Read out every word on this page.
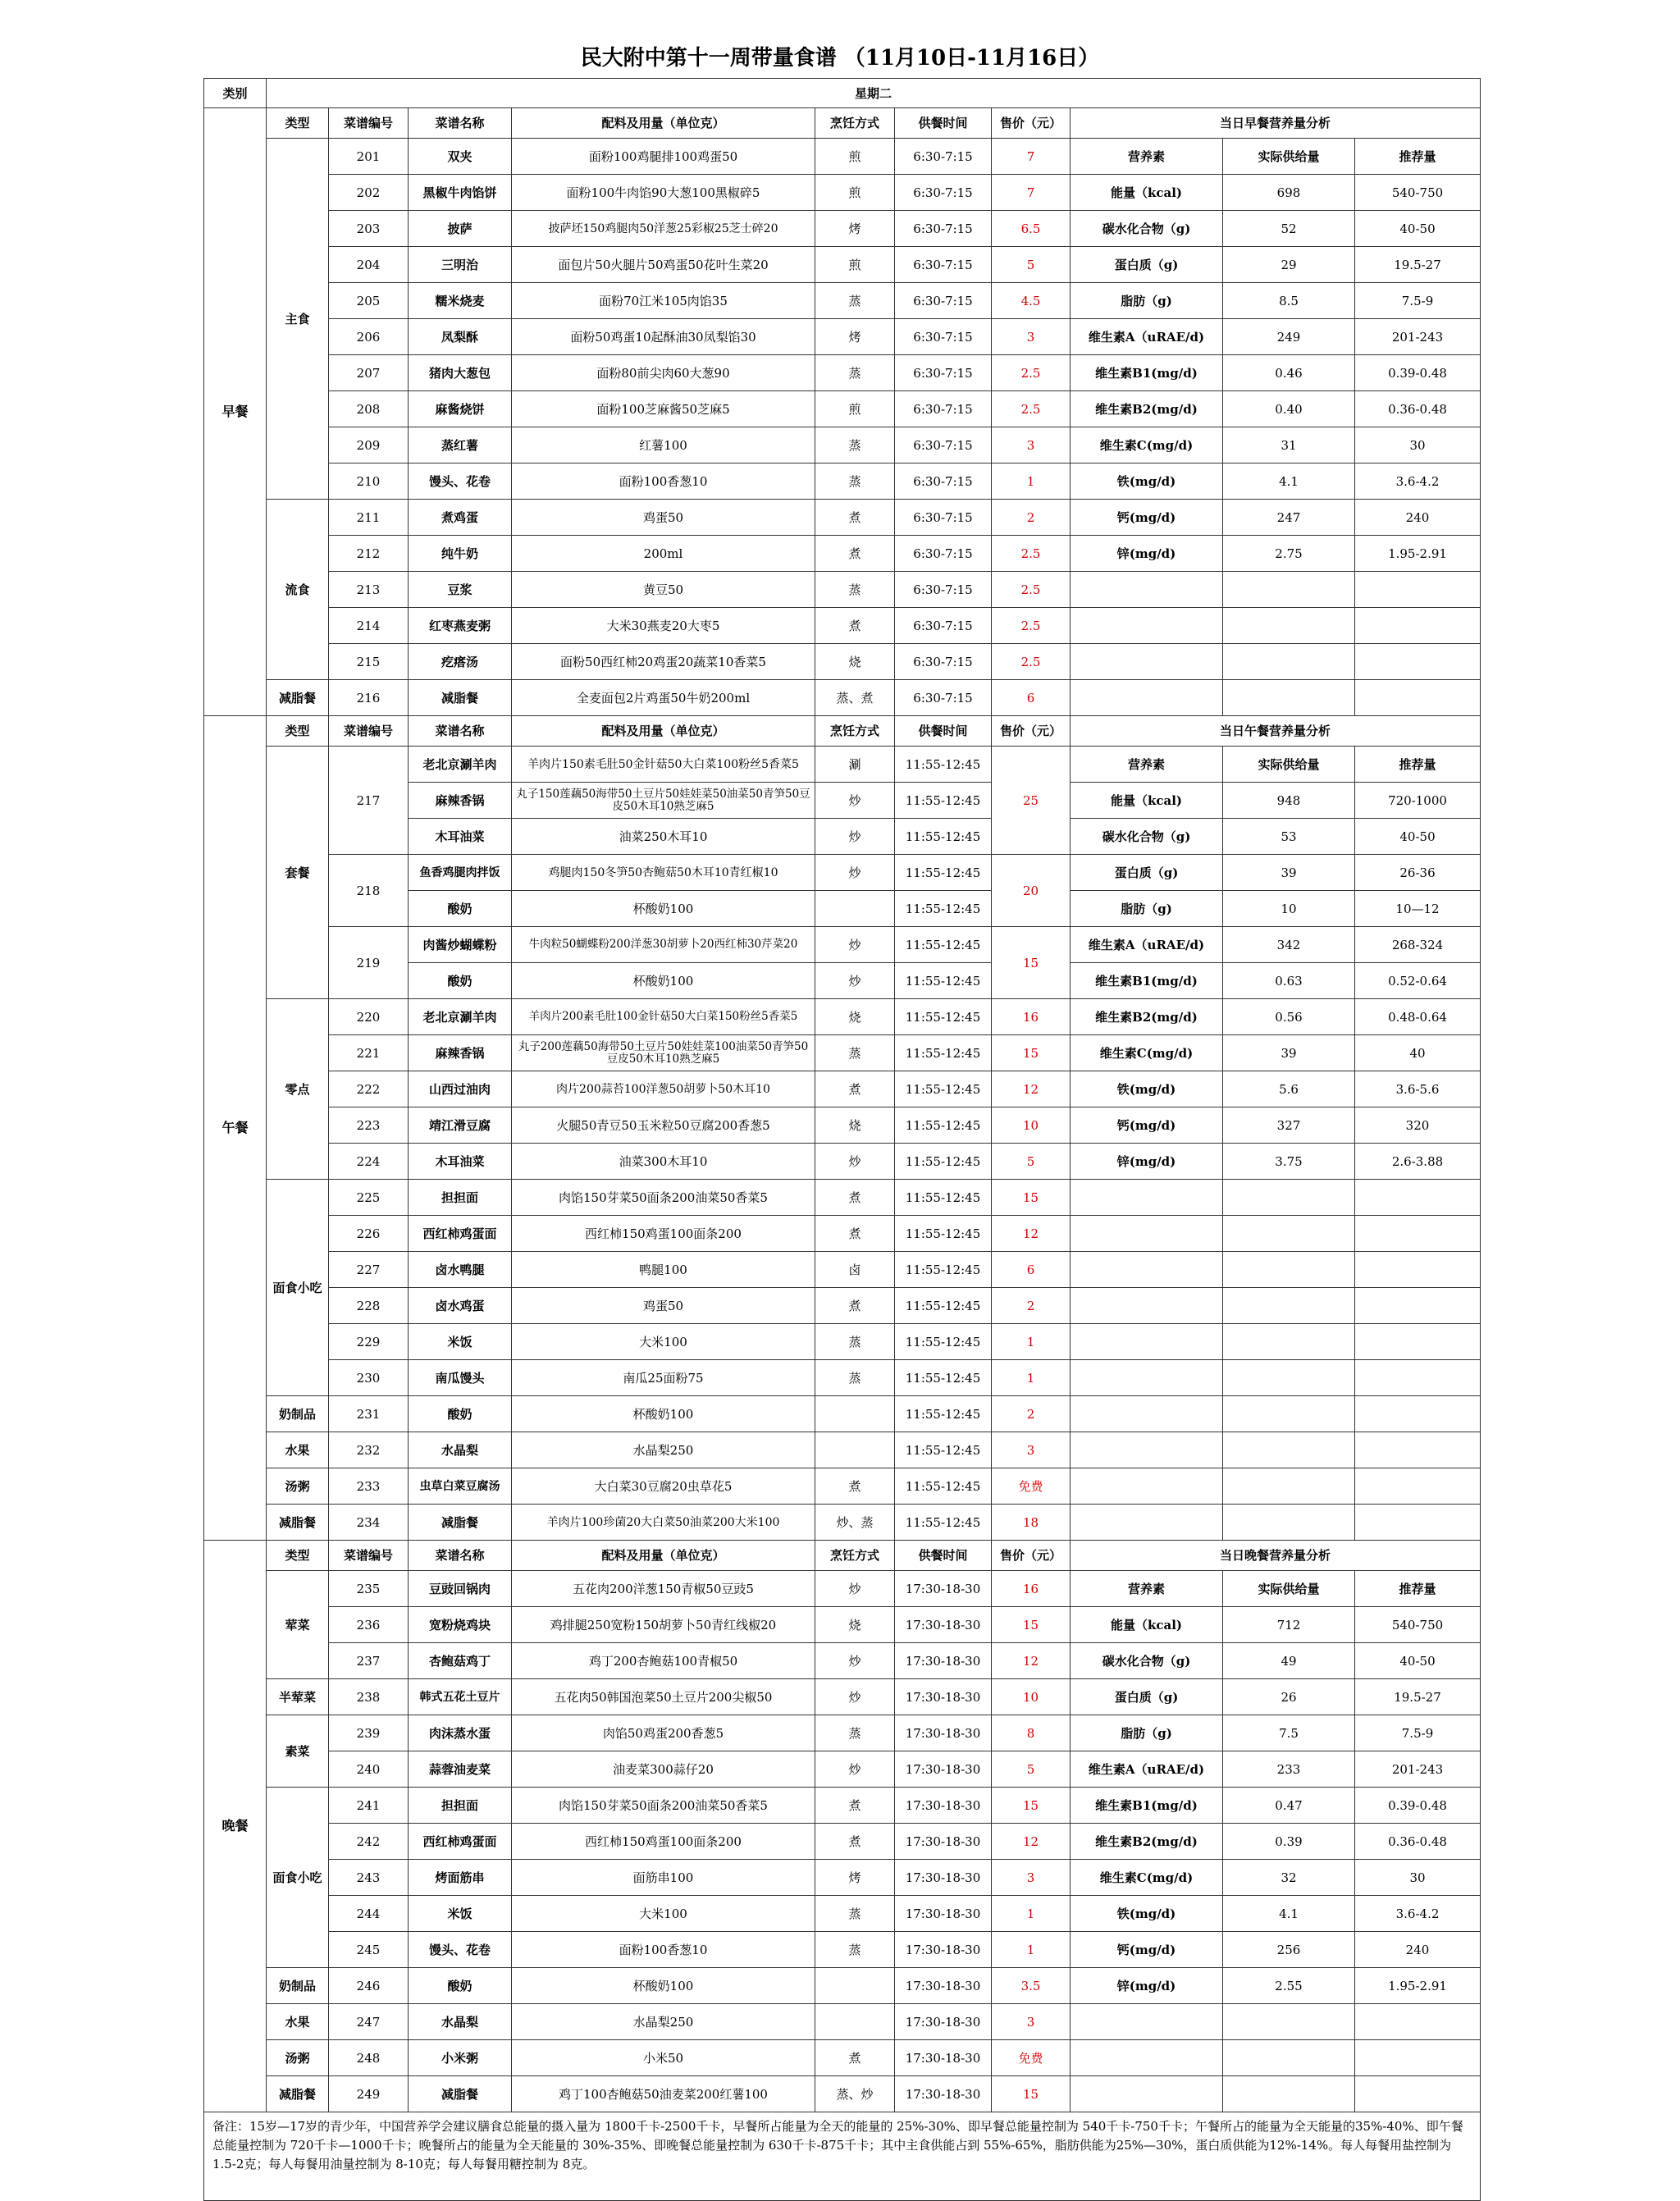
民大附中第十一周带量食谱 （11月10日-11月16日）
类别	星期二									
早餐	类型	菜谱编号	菜谱名称	配料及用量（单位克）	烹饪方式	供餐时间	售价（元）	当日早餐营养量分析		
	主食	201	双夹	面粉100鸡腿排100鸡蛋50	煎	6:30-7:15	7	营养素	实际供给量	推荐量
		202	黑椒牛肉馅饼	面粉100牛肉馅90大葱100黑椒碎5	煎	6:30-7:15	7	能量（kcal)	698	540-750
		203	披萨	披萨坯150鸡腿肉50洋葱25彩椒25芝士碎20	烤	6:30-7:15	6.5	碳水化合物（g)	52	40-50
		204	三明治	面包片50火腿片50鸡蛋50花叶生菜20	煎	6:30-7:15	5	蛋白质（g)	29	19.5-27
		205	糯米烧麦	面粉70江米105肉馅35	蒸	6:30-7:15	4.5	脂肪（g)	8.5	7.5-9
		206	凤梨酥	面粉50鸡蛋10起酥油30凤梨馅30	烤	6:30-7:15	3	维生素A（uRAE/d)	249	201-243
		207	猪肉大葱包	面粉80前尖肉60大葱90	蒸	6:30-7:15	2.5	维生素B1(mg/d)	0.46	0.39-0.48
		208	麻酱烧饼	面粉100芝麻酱50芝麻5	煎	6:30-7:15	2.5	维生素B2(mg/d)	0.40	0.36-0.48
		209	蒸红薯	红薯100	蒸	6:30-7:15	3	维生素C(mg/d)	31	30
		210	馒头、花卷	面粉100香葱10	蒸	6:30-7:15	1	铁(mg/d)	4.1	3.6-4.2
	流食	211	煮鸡蛋	鸡蛋50	煮	6:30-7:15	2	钙(mg/d)	247	240
		212	纯牛奶	200ml	煮	6:30-7:15	2.5	锌(mg/d)	2.75	1.95-2.91
		213	豆浆	黄豆50	蒸	6:30-7:15	2.5			
		214	红枣燕麦粥	大米30燕麦20大枣5	煮	6:30-7:15	2.5			
		215	疙瘩汤	面粉50西红柿20鸡蛋20蔬菜10香菜5	烧	6:30-7:15	2.5			
	减脂餐	216	减脂餐	全麦面包2片鸡蛋50牛奶200ml	蒸、煮	6:30-7:15	6			
午餐	类型	菜谱编号	菜谱名称	配料及用量（单位克）	烹饪方式	供餐时间	售价（元）	当日午餐营养量分析		
	套餐	217	老北京涮羊肉	羊肉片150素毛肚50金针菇50大白菜100粉丝5香菜5	涮	11:55-12:45	25	营养素	实际供给量	推荐量
			麻辣香锅	丸子150莲藕50海带50土豆片50娃娃菜50油菜50青笋50豆皮50木耳10熟芝麻5	炒	11:55-12:45		能量（kcal)	948	720-1000
			木耳油菜	油菜250木耳10	炒	11:55-12:45		碳水化合物（g)	53	40-50
		218	鱼香鸡腿肉拌饭	鸡腿肉150冬笋50杏鲍菇50木耳10青红椒10	炒	11:55-12:45	20	蛋白质（g)	39	26-36
			酸奶	杯酸奶100		11:55-12:45		脂肪（g)	10	10—12
		219	肉酱炒蝴蝶粉	牛肉粒50蝴蝶粉200洋葱30胡萝卜20西红柿30芹菜20	炒	11:55-12:45	15	维生素A（uRAE/d)	342	268-324
			酸奶	杯酸奶100	炒	11:55-12:45		维生素B1(mg/d)	0.63	0.52-0.64
	零点	220	老北京涮羊肉	羊肉片200素毛肚100金针菇50大白菜150粉丝5香菜5	烧	11:55-12:45	16	维生素B2(mg/d)	0.56	0.48-0.64
		221	麻辣香锅	丸子200莲藕50海带50土豆片50娃娃菜100油菜50青笋50豆皮50木耳10熟芝麻5	蒸	11:55-12:45	15	维生素C(mg/d)	39	40
		222	山西过油肉	肉片200蒜苔100洋葱50胡萝卜50木耳10	煮	11:55-12:45	12	铁(mg/d)	5.6	3.6-5.6
		223	靖江滑豆腐	火腿50青豆50玉米粒50豆腐200香葱5	烧	11:55-12:45	10	钙(mg/d)	327	320
		224	木耳油菜	油菜300木耳10	炒	11:55-12:45	5	锌(mg/d)	3.75	2.6-3.88
	面食小吃	225	担担面	肉馅150芽菜50面条200油菜50香菜5	煮	11:55-12:45	15			
		226	西红柿鸡蛋面	西红柿150鸡蛋100面条200	煮	11:55-12:45	12			
		227	卤水鸭腿	鸭腿100	卤	11:55-12:45	6			
		228	卤水鸡蛋	鸡蛋50	煮	11:55-12:45	2			
		229	米饭	大米100	蒸	11:55-12:45	1			
		230	南瓜馒头	南瓜25面粉75	蒸	11:55-12:45	1			
	奶制品	231	酸奶	杯酸奶100		11:55-12:45	2			
	水果	232	水晶梨	水晶梨250		11:55-12:45	3			
	汤粥	233	虫草白菜豆腐汤	大白菜30豆腐20虫草花5	煮	11:55-12:45	免费			
	减脂餐	234	减脂餐	羊肉片100珍菌20大白菜50油菜200大米100	炒、蒸	11:55-12:45	18			
晚餐	类型	菜谱编号	菜谱名称	配料及用量（单位克）	烹饪方式	供餐时间	售价（元）	当日晚餐营养量分析		
	荤菜	235	豆豉回锅肉	五花肉200洋葱150青椒50豆豉5	炒	17:30-18-30	16	营养素	实际供给量	推荐量
		236	宽粉烧鸡块	鸡排腿250宽粉150胡萝卜50青红线椒20	烧	17:30-18-30	15	能量（kcal)	712	540-750
		237	杏鲍菇鸡丁	鸡丁200杏鲍菇100青椒50	炒	17:30-18-30	12	碳水化合物（g)	49	40-50
	半荤菜	238	韩式五花土豆片	五花肉50韩国泡菜50土豆片200尖椒50	炒	17:30-18-30	10	蛋白质（g)	26	19.5-27
	素菜	239	肉沫蒸水蛋	肉馅50鸡蛋200香葱5	蒸	17:30-18-30	8	脂肪（g)	7.5	7.5-9
		240	蒜蓉油麦菜	油麦菜300蒜仔20	炒	17:30-18-30	5	维生素A（uRAE/d)	233	201-243
	面食小吃	241	担担面	肉馅150芽菜50面条200油菜50香菜5	煮	17:30-18-30	15	维生素B1(mg/d)	0.47	0.39-0.48
		242	西红柿鸡蛋面	西红柿150鸡蛋100面条200	煮	17:30-18-30	12	维生素B2(mg/d)	0.39	0.36-0.48
		243	烤面筋串	面筋串100	烤	17:30-18-30	3	维生素C(mg/d)	32	30
		244	米饭	大米100	蒸	17:30-18-30	1	铁(mg/d)	4.1	3.6-4.2
		245	馒头、花卷	面粉100香葱10	蒸	17:30-18-30	1	钙(mg/d)	256	240
	奶制品	246	酸奶	杯酸奶100		17:30-18-30	3.5	锌(mg/d)	2.55	1.95-2.91
	水果	247	水晶梨	水晶梨250		17:30-18-30	3			
	汤粥	248	小米粥	小米50	煮	17:30-18-30	免费			
	减脂餐	249	减脂餐	鸡丁100杏鲍菇50油麦菜200红薯100	蒸、炒	17:30-18-30	15			
备注：15岁—17岁的青少年，中国营养学会建议膳食总能量的摄入量为 1800千卡-2500千卡，早餐所占能量为全天的能量的 25%-30%、即早餐总能量控制为 540千卡-750千卡；午餐所占的能量为全天能量的35%-40%、即午餐总能量控制为 720千卡—1000千卡；晚餐所占的能量为全天能量的 30%-35%、即晚餐总能量控制为 630千卡-875千卡；其中主食供能占到 55%-65%，脂肪供能为25%—30%，蛋白质供能为12%-14%。每人每餐用盐控制为 1.5-2克；每人每餐用油量控制为 8-10克；每人每餐用糖控制为 8克。										
